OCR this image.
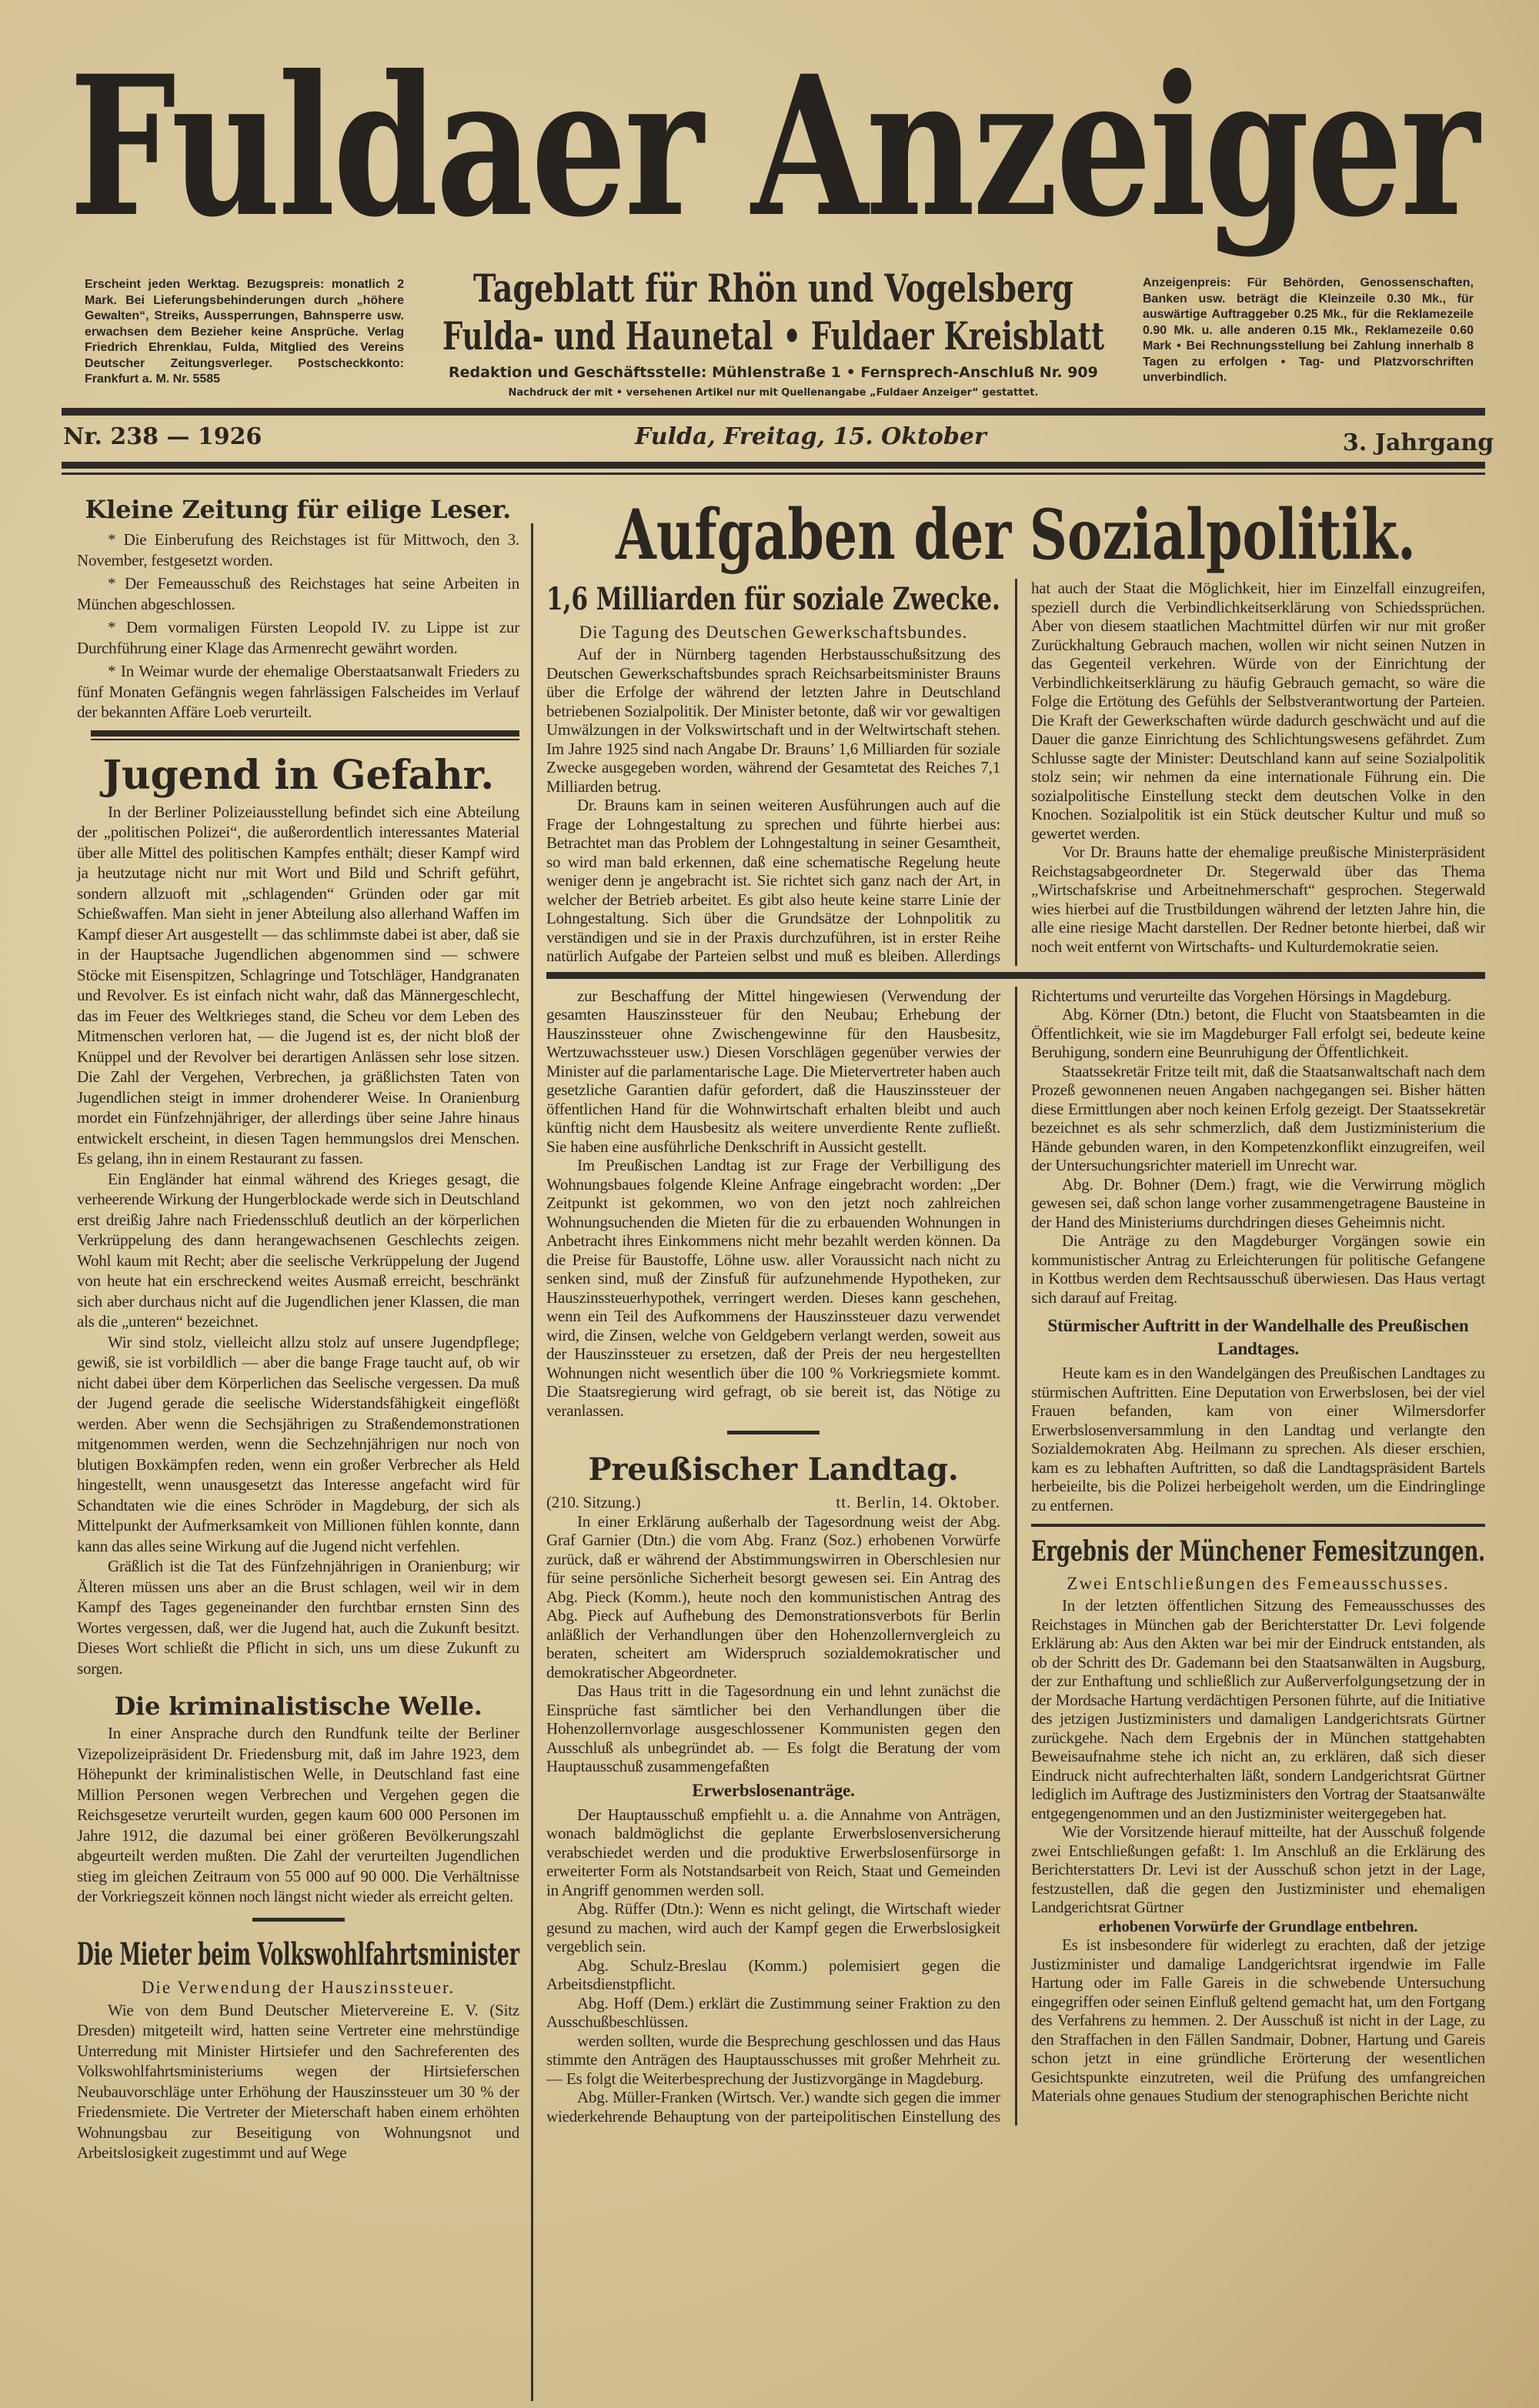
Fuldaer Anzeiger
Erscheint jeden Werktag. Bezugspreis: monatlich 2 Mark. Bei Lieferungsbehinderungen durch „höhere Gewalten“, Streiks, Aussperrungen, Bahnsperre usw. erwachsen dem Bezieher keine Ansprüche. Verlag Friedrich Ehrenklau, Fulda, Mitglied des Vereins Deutscher Zeitungsverleger. Postscheckkonto: Frankfurt a. M. Nr. 5585
Tageblatt für Rhön und Vogelsberg
Fulda- und Haunetal • Fuldaer Kreisblatt
Redaktion und Geschäftsstelle: Mühlenstraße 1 • Fernsprech-Anschluß Nr. 909
Nachdruck der mit • versehenen Artikel nur mit Quellenangabe „Fuldaer Anzeiger“ gestattet.
Anzeigenpreis: Für Behörden, Genossenschaften, Banken usw. beträgt die Kleinzeile 0.30 Mk., für auswärtige Auftraggeber 0.25 Mk., für die Reklamezeile 0.90 Mk. u. alle anderen 0.15 Mk., Reklamezeile 0.60 Mark • Bei Rechnungsstellung bei Zahlung innerhalb 8 Tagen zu erfolgen • Tag- und Platzvorschriften unverbindlich.
Nr. 238 — 1926	Fulda, Freitag, 15. Oktober	3. Jahrgang
Kleine Zeitung für eilige Leser.

* Die Einberufung des Reichstages ist für Mittwoch, den 3. November, festgesetzt worden.

* Der Femeausschuß des Reichstages hat seine Arbeiten in München abgeschlossen.

* Dem vormaligen Fürsten Leopold IV. zu Lippe ist zur Durchführung einer Klage das Armenrecht gewährt worden.

* In Weimar wurde der ehemalige Oberstaatsanwalt Frieders zu fünf Monaten Gefängnis wegen fahrlässigen Falscheides im Verlauf der bekannten Affäre Loeb verurteilt.

Jugend in Gefahr.

In der Berliner Polizeiausstellung befindet sich eine Abteilung der „politischen Polizei“, die außerordentlich interessantes Material über alle Mittel des politischen Kampfes enthält; dieser Kampf wird ja heutzutage nicht nur mit Wort und Bild und Schrift geführt, sondern allzuoft mit „schlagenden“ Gründen oder gar mit Schießwaffen. Man sieht in jener Abteilung also allerhand Waffen im Kampf dieser Art ausgestellt — das schlimmste dabei ist aber, daß sie in der Hauptsache Jugendlichen abgenommen sind — schwere Stöcke mit Eisenspitzen, Schlagringe und Totschläger, Handgranaten und Revolver. Es ist einfach nicht wahr, daß das Männergeschlecht, das im Feuer des Weltkrieges stand, die Scheu vor dem Leben des Mitmenschen verloren hat, — die Jugend ist es, der nicht bloß der Knüppel und der Revolver bei derartigen Anlässen sehr lose sitzen. Die Zahl der Vergehen, Verbrechen, ja gräßlichsten Taten von Jugendlichen steigt in immer drohenderer Weise. In Oranienburg mordet ein Fünfzehnjähriger, der allerdings über seine Jahre hinaus entwickelt erscheint, in diesen Tagen hemmungslos drei Menschen. Es gelang, ihn in einem Restaurant zu fassen.

Ein Engländer hat einmal während des Krieges gesagt, die verheerende Wirkung der Hungerblockade werde sich in Deutschland erst dreißig Jahre nach Friedensschluß deutlich an der körperlichen Verkrüppelung des dann herangewachsenen Geschlechts zeigen. Wohl kaum mit Recht; aber die seelische Verkrüppelung der Jugend von heute hat ein erschreckend weites Ausmaß erreicht, beschränkt sich aber durchaus nicht auf die Jugendlichen jener Klassen, die man als die „unteren“ bezeichnet.

Wir sind stolz, vielleicht allzu stolz auf unsere Jugendpflege; gewiß, sie ist vorbildlich — aber die bange Frage taucht auf, ob wir nicht dabei über dem Körperlichen das Seelische vergessen. Da muß der Jugend gerade die seelische Widerstandsfähigkeit eingeflößt werden. Aber wenn die Sechsjährigen zu Straßendemonstrationen mitgenommen werden, wenn die Sechzehnjährigen nur noch von blutigen Boxkämpfen reden, wenn ein großer Verbrecher als Held hingestellt, wenn unausgesetzt das Interesse angefacht wird für Schandtaten wie die eines Schröder in Magdeburg, der sich als Mittelpunkt der Aufmerksamkeit von Millionen fühlen konnte, dann kann das alles seine Wirkung auf die Jugend nicht verfehlen.

Gräßlich ist die Tat des Fünfzehnjährigen in Oranienburg; wir Älteren müssen uns aber an die Brust schlagen, weil wir in dem Kampf des Tages gegeneinander den furchtbar ernsten Sinn des Wortes vergessen, daß, wer die Jugend hat, auch die Zukunft besitzt. Dieses Wort schließt die Pflicht in sich, uns um diese Zukunft zu sorgen.

Die kriminalistische Welle.

In einer Ansprache durch den Rundfunk teilte der Berliner Vizepolizeipräsident Dr. Friedensburg mit, daß im Jahre 1923, dem Höhepunkt der kriminalistischen Welle, in Deutschland fast eine Million Personen wegen Verbrechen und Vergehen gegen die Reichsgesetze verurteilt wurden, gegen kaum 600 000 Personen im Jahre 1912, die dazumal bei einer größeren Bevölkerungszahl abgeurteilt werden mußten. Die Zahl der verurteilten Jugendlichen stieg im gleichen Zeitraum von 55 000 auf 90 000. Die Verhältnisse der Vorkriegszeit können noch längst nicht wieder als erreicht gelten.

Die Mieter beim Volkswohlfahrtsminister
Die Verwendung der Hauszinssteuer.

Wie von dem Bund Deutscher Mietervereine E. V. (Sitz Dresden) mitgeteilt wird, hatten seine Vertreter eine mehrstündige Unterredung mit Minister Hirtsiefer und den Sachreferenten des Volkswohlfahrtsministeriums wegen der Hirtsieferschen Neubauvorschläge unter Erhöhung der Hauszinssteuer um 30 % der Friedensmiete. Die Vertreter der Mieterschaft haben einem erhöhten Wohnungsbau zur Beseitigung von Wohnungsnot und Arbeitslosigkeit zugestimmt und auf Wege

Aufgaben der Sozialpolitik.
1,6 Milliarden für soziale Zwecke.
Die Tagung des Deutschen Gewerkschaftsbundes.

Auf der in Nürnberg tagenden Herbstausschußsitzung des Deutschen Gewerkschaftsbundes sprach Reichsarbeitsminister Brauns über die Erfolge der während der letzten Jahre in Deutschland betriebenen Sozialpolitik. Der Minister betonte, daß wir vor gewaltigen Umwälzungen in der Volkswirtschaft und in der Weltwirtschaft stehen. Im Jahre 1925 sind nach Angabe Dr. Brauns’ 1,6 Milliarden für soziale Zwecke ausgegeben worden, während der Gesamtetat des Reiches 7,1 Milliarden betrug.

Dr. Brauns kam in seinen weiteren Ausführungen auch auf die Frage der Lohngestaltung zu sprechen und führte hierbei aus: Betrachtet man das Problem der Lohngestaltung in seiner Gesamtheit, so wird man bald erkennen, daß eine schematische Regelung heute weniger denn je angebracht ist. Sie richtet sich ganz nach der Art, in welcher der Betrieb arbeitet. Es gibt also heute keine starre Linie der Lohngestaltung. Sich über die Grundsätze der Lohnpolitik zu verständigen und sie in der Praxis durchzuführen, ist in erster Reihe natürlich Aufgabe der Parteien selbst und muß es bleiben. Allerdings hat auch der Staat die Möglichkeit, hier im Einzelfall einzugreifen, speziell durch die Verbindlichkeitserklärung von Schiedssprüchen. Aber von diesem staatlichen Machtmittel dürfen wir nur mit großer Zurückhaltung Gebrauch machen, wollen wir nicht seinen Nutzen in das Gegenteil verkehren. Würde von der Einrichtung der Verbindlichkeitserklärung zu häufig Gebrauch gemacht, so wäre die Folge die Ertötung des Gefühls der Selbstverantwortung der Parteien. Die Kraft der Gewerkschaften würde dadurch geschwächt und auf die Dauer die ganze Einrichtung des Schlichtungswesens gefährdet. Zum Schlusse sagte der Minister: Deutschland kann auf seine Sozialpolitik stolz sein; wir nehmen da eine internationale Führung ein. Die sozialpolitische Einstellung steckt dem deutschen Volke in den Knochen. Sozialpolitik ist ein Stück deutscher Kultur und muß so gewertet werden.

Vor Dr. Brauns hatte der ehemalige preußische Ministerpräsident Reichstagsabgeordneter Dr. Stegerwald über das Thema „Wirtschafskrise und Arbeitnehmerschaft“ gesprochen. Stegerwald wies hierbei auf die Trustbildungen während der letzten Jahre hin, die alle eine riesige Macht darstellen. Der Redner betonte hierbei, daß wir noch weit entfernt von Wirtschafts- und Kulturdemokratie seien.

zur Beschaffung der Mittel hingewiesen (Verwendung der gesamten Hauszinssteuer für den Neubau; Erhebung der Hauszinssteuer ohne Zwischengewinne für den Hausbesitz, Wertzuwachssteuer usw.) Diesen Vorschlägen gegenüber verwies der Minister auf die parlamentarische Lage. Die Mietervertreter haben auch gesetzliche Garantien dafür gefordert, daß die Hauszinssteuer der öffentlichen Hand für die Wohnwirtschaft erhalten bleibt und auch künftig nicht dem Hausbesitz als weitere unverdiente Rente zufließt. Sie haben eine ausführliche Denkschrift in Aussicht gestellt.

Im Preußischen Landtag ist zur Frage der Verbilligung des Wohnungsbaues folgende Kleine Anfrage eingebracht worden: „Der Zeitpunkt ist gekommen, wo von den jetzt noch zahlreichen Wohnungsuchenden die Mieten für die zu erbauenden Wohnungen in Anbetracht ihres Einkommens nicht mehr bezahlt werden können. Da die Preise für Baustoffe, Löhne usw. aller Voraussicht nach nicht zu senken sind, muß der Zinsfuß für aufzunehmende Hypotheken, zur Hauszinssteuerhypothek, verringert werden. Dieses kann geschehen, wenn ein Teil des Aufkommens der Hauszinssteuer dazu verwendet wird, die Zinsen, welche von Geldgebern verlangt werden, soweit aus der Hauszinssteuer zu ersetzen, daß der Preis der neu hergestellten Wohnungen nicht wesentlich über die 100 % Vorkriegsmiete kommt. Die Staatsregierung wird gefragt, ob sie bereit ist, das Nötige zu veranlassen.

Preußischer Landtag.
(210. Sitzung.)	tt. Berlin, 14. Oktober.

In einer Erklärung außerhalb der Tagesordnung weist der Abg. Graf Garnier (Dtn.) die vom Abg. Franz (Soz.) erhobenen Vorwürfe zurück, daß er während der Abstimmungswirren in Oberschlesien nur für seine persönliche Sicherheit besorgt gewesen sei. Ein Antrag des Abg. Pieck (Komm.), heute noch den kommunistischen Antrag des Abg. Pieck auf Aufhebung des Demonstrationsverbots für Berlin anläßlich der Verhandlungen über den Hohenzollernvergleich zu beraten, scheitert am Widerspruch sozialdemokratischer und demokratischer Abgeordneter.

Das Haus tritt in die Tagesordnung ein und lehnt zunächst die Einsprüche fast sämtlicher bei den Verhandlungen über die Hohenzollernvorlage ausgeschlossener Kommunisten gegen den Ausschluß als unbegründet ab. — Es folgt die Beratung der vom Hauptausschuß zusammengefaßten

Erwerbslosenanträge.

Der Hauptausschuß empfiehlt u. a. die Annahme von Anträgen, wonach baldmöglichst die geplante Erwerbslosenversicherung verabschiedet werden und die produktive Erwerbslosenfürsorge in erweiterter Form als Notstandsarbeit von Reich, Staat und Gemeinden in Angriff genommen werden soll.

Abg. Rüffer (Dtn.): Wenn es nicht gelingt, die Wirtschaft wieder gesund zu machen, wird auch der Kampf gegen die Erwerbslosigkeit vergeblich sein.

Abg. Schulz-Breslau (Komm.) polemisiert gegen die Arbeitsdienstpflicht.

Abg. Hoff (Dem.) erklärt die Zustimmung seiner Fraktion zu den Ausschußbeschlüssen.

werden sollten, wurde die Besprechung geschlossen und das Haus stimmte den Anträgen des Hauptausschusses mit großer Mehrheit zu. — Es folgt die Weiterbesprechung der Justizvorgänge in Magdeburg.

Abg. Müller-Franken (Wirtsch. Ver.) wandte sich gegen die immer wiederkehrende Behauptung von der parteipolitischen Einstellung des Richtertums und verurteilte das Vorgehen Hörsings in Magdeburg.

Abg. Körner (Dtn.) betont, die Flucht von Staatsbeamten in die Öffentlichkeit, wie sie im Magdeburger Fall erfolgt sei, bedeute keine Beruhigung, sondern eine Beunruhigung der Öffentlichkeit.

Staatssekretär Fritze teilt mit, daß die Staatsanwaltschaft nach dem Prozeß gewonnenen neuen Angaben nachgegangen sei. Bisher hätten diese Ermittlungen aber noch keinen Erfolg gezeigt. Der Staatssekretär bezeichnet es als sehr schmerzlich, daß dem Justizministerium die Hände gebunden waren, in den Kompetenzkonflikt einzugreifen, weil der Untersuchungsrichter materiell im Unrecht war.

Abg. Dr. Bohner (Dem.) fragt, wie die Verwirrung möglich gewesen sei, daß schon lange vorher zusammengetragene Bausteine in der Hand des Ministeriums durchdringen dieses Geheimnis nicht.

Die Anträge zu den Magdeburger Vorgängen sowie ein kommunistischer Antrag zu Erleichterungen für politische Gefangene in Kottbus werden dem Rechtsausschuß überwiesen. Das Haus vertagt sich darauf auf Freitag.

Stürmischer Auftritt in der Wandelhalle des Preußischen Landtages.

Heute kam es in den Wandelgängen des Preußischen Landtages zu stürmischen Auftritten. Eine Deputation von Erwerbslosen, bei der viel Frauen befanden, kam von einer Wilmersdorfer Erwerbslosenversammlung in den Landtag und verlangte den Sozialdemokraten Abg. Heilmann zu sprechen. Als dieser erschien, kam es zu lebhaften Auftritten, so daß die Landtagspräsident Bartels herbeieilte, bis die Polizei herbeigeholt werden, um die Eindringlinge zu entfernen.

Ergebnis der Münchener Femesitzungen.
Zwei Entschließungen des Femeausschusses.

In der letzten öffentlichen Sitzung des Femeausschusses des Reichstages in München gab der Berichterstatter Dr. Levi folgende Erklärung ab: Aus den Akten war bei mir der Eindruck entstanden, als ob der Schritt des Dr. Gademann bei den Staatsanwälten in Augsburg, der zur Enthaftung und schließlich zur Außerverfolgungsetzung der in der Mordsache Hartung verdächtigen Personen führte, auf die Initiative des jetzigen Justizministers und damaligen Landgerichtsrats Gürtner zurückgehe. Nach dem Ergebnis der in München stattgehabten Beweisaufnahme stehe ich nicht an, zu erklären, daß sich dieser Eindruck nicht aufrechterhalten läßt, sondern Landgerichtsrat Gürtner lediglich im Auftrage des Justizministers den Vortrag der Staatsanwälte entgegengenommen und an den Justizminister weitergegeben hat.

Wie der Vorsitzende hierauf mitteilte, hat der Ausschuß folgende zwei Entschließungen gefaßt: 1. Im Anschluß an die Erklärung des Berichterstatters Dr. Levi ist der Ausschuß schon jetzt in der Lage, festzustellen, daß die gegen den Justizminister und ehemaligen Landgerichtsrat Gürtner

erhobenen Vorwürfe der Grundlage entbehren.

Es ist insbesondere für widerlegt zu erachten, daß der jetzige Justizminister und damalige Landgerichtsrat irgendwie im Falle Hartung oder im Falle Gareis in die schwebende Untersuchung eingegriffen oder seinen Einfluß geltend gemacht hat, um den Fortgang des Verfahrens zu hemmen. 2. Der Ausschuß ist nicht in der Lage, zu den Straffachen in den Fällen Sandmair, Dobner, Hartung und Gareis schon jetzt in eine gründliche Erörterung der wesentlichen Gesichtspunkte einzutreten, weil die Prüfung des umfangreichen Materials ohne genaues Studium der stenographischen Berichte nicht
